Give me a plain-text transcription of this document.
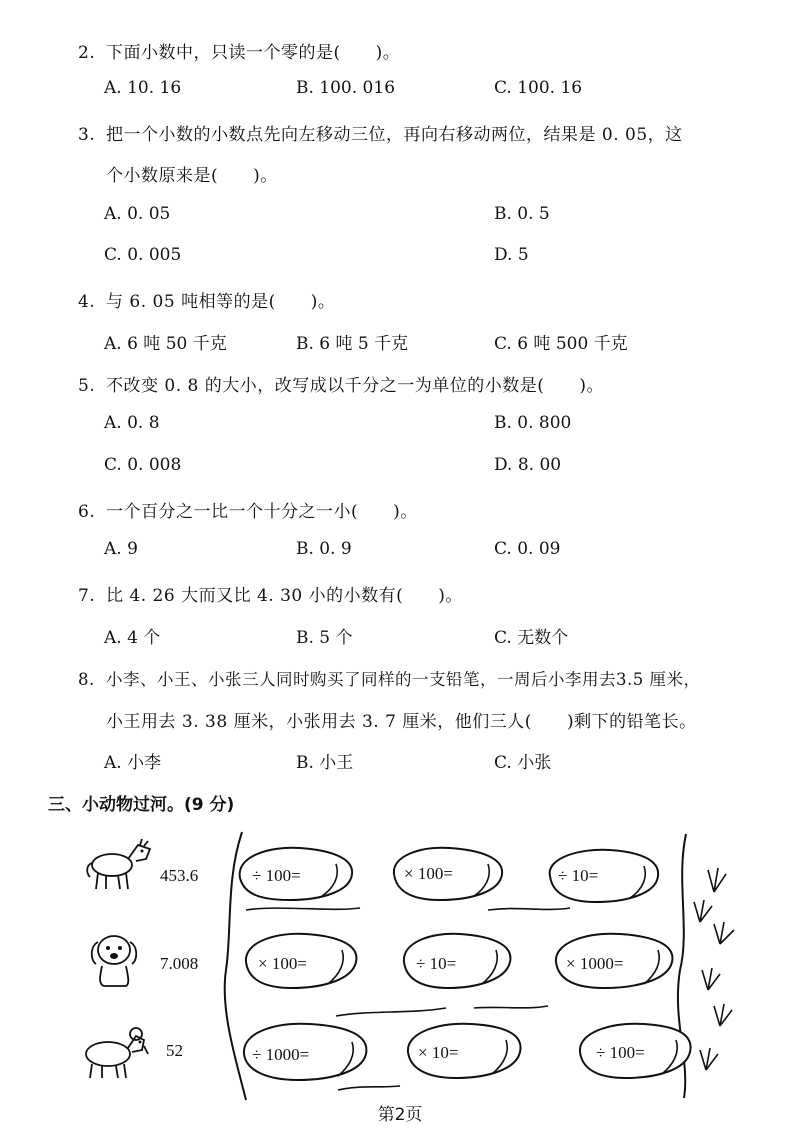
2. 下面小数中，只读一个零的是(　　)。
A. 10. 16	B. 100. 016	C. 100. 16
3. 把一个小数的小数点先向左移动三位，再向右移动两位，结果是 0. 05，这
个小数原来是(　　)。
A. 0. 05	B. 0. 5
C. 0. 005	D. 5
4. 与 6. 05 吨相等的是(　　)。
A. 6 吨 50 千克	B. 6 吨 5 千克	C. 6 吨 500 千克
5. 不改变 0. 8 的大小，改写成以千分之一为单位的小数是(　　)。
A. 0. 8	B. 0. 800
C. 0. 008	D. 8. 00
6. 一个百分之一比一个十分之一小(　　)。
A. 9	B. 0. 9	C. 0. 09
7. 比 4. 26 大而又比 4. 30 小的小数有(　　)。
A. 4 个	B. 5 个	C. 无数个
8. 小李、小王、小张三人同时购买了同样的一支铅笔，一周后小李用去3.5 厘米，
小王用去 3. 38 厘米，小张用去 3. 7 厘米，他们三人(　　)剩下的铅笔长。
A. 小李	B. 小王	C. 小张
三、小动物过河。(9 分)
453.6
7.008
52
÷ 100=	× 100=	÷ 10=
× 100=	÷ 10=	× 1000=
÷ 1000=	× 10=	÷ 100=
第2页
